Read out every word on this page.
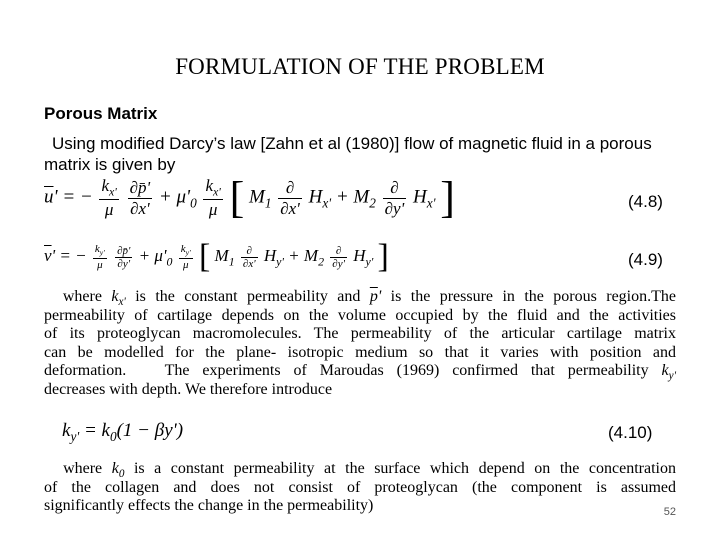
FORMULATION OF THE PROBLEM
Porous Matrix
Using modified Darcy’s law [Zahn et al (1980)] flow of magnetic fluid in a porous
matrix is given by
$\overline{u}'$ = − $\frac{k_{x'}}{\mu}$
$\frac{\partial p̄'}{\partial x'} + \mu'_0 \frac{k_{x'}}{\mu}$ [ $M_1 \frac{\partial}{\partial x'} H_{x'} + M_2 \frac{\partial}{\partial y'} H_{x'}$ ]	(4.8)
$\overline{v}'$ = − $\frac{k_{y'}}{\mu}$
$\frac{\partial p̄'}{\partial y'} + \mu'_0 \frac{k_{y'}}{\mu}$ [ $M_1 \frac{\partial}{\partial x'} H_{y'} + M_2 \frac{\partial}{\partial y'} H_{y'}$ ]	(4.9)
where $k_{x'}$ is the constant permeability and $\overline{p}'$ is the pressure in the porous region.The
permeability of cartilage depends on the volume occupied by the fluid and the activities
of its proteoglycan macromolecules. The permeability of the articular cartilage matrix
can be modelled for the plane- isotropic medium so that it varies with position and
deformation.   The experiments of Maroudas (1969) confirmed that permeability $k_{y'}$
decreases with depth. We therefore introduce
$k_{y'} = k_0(1 - \beta y')$	(4.10)
where $k_0$ is a constant permeability at the surface which depend on the concentration
of the collagen and does not consist of proteoglycan (the component is assumed
significantly effects the change in the permeability)	52
